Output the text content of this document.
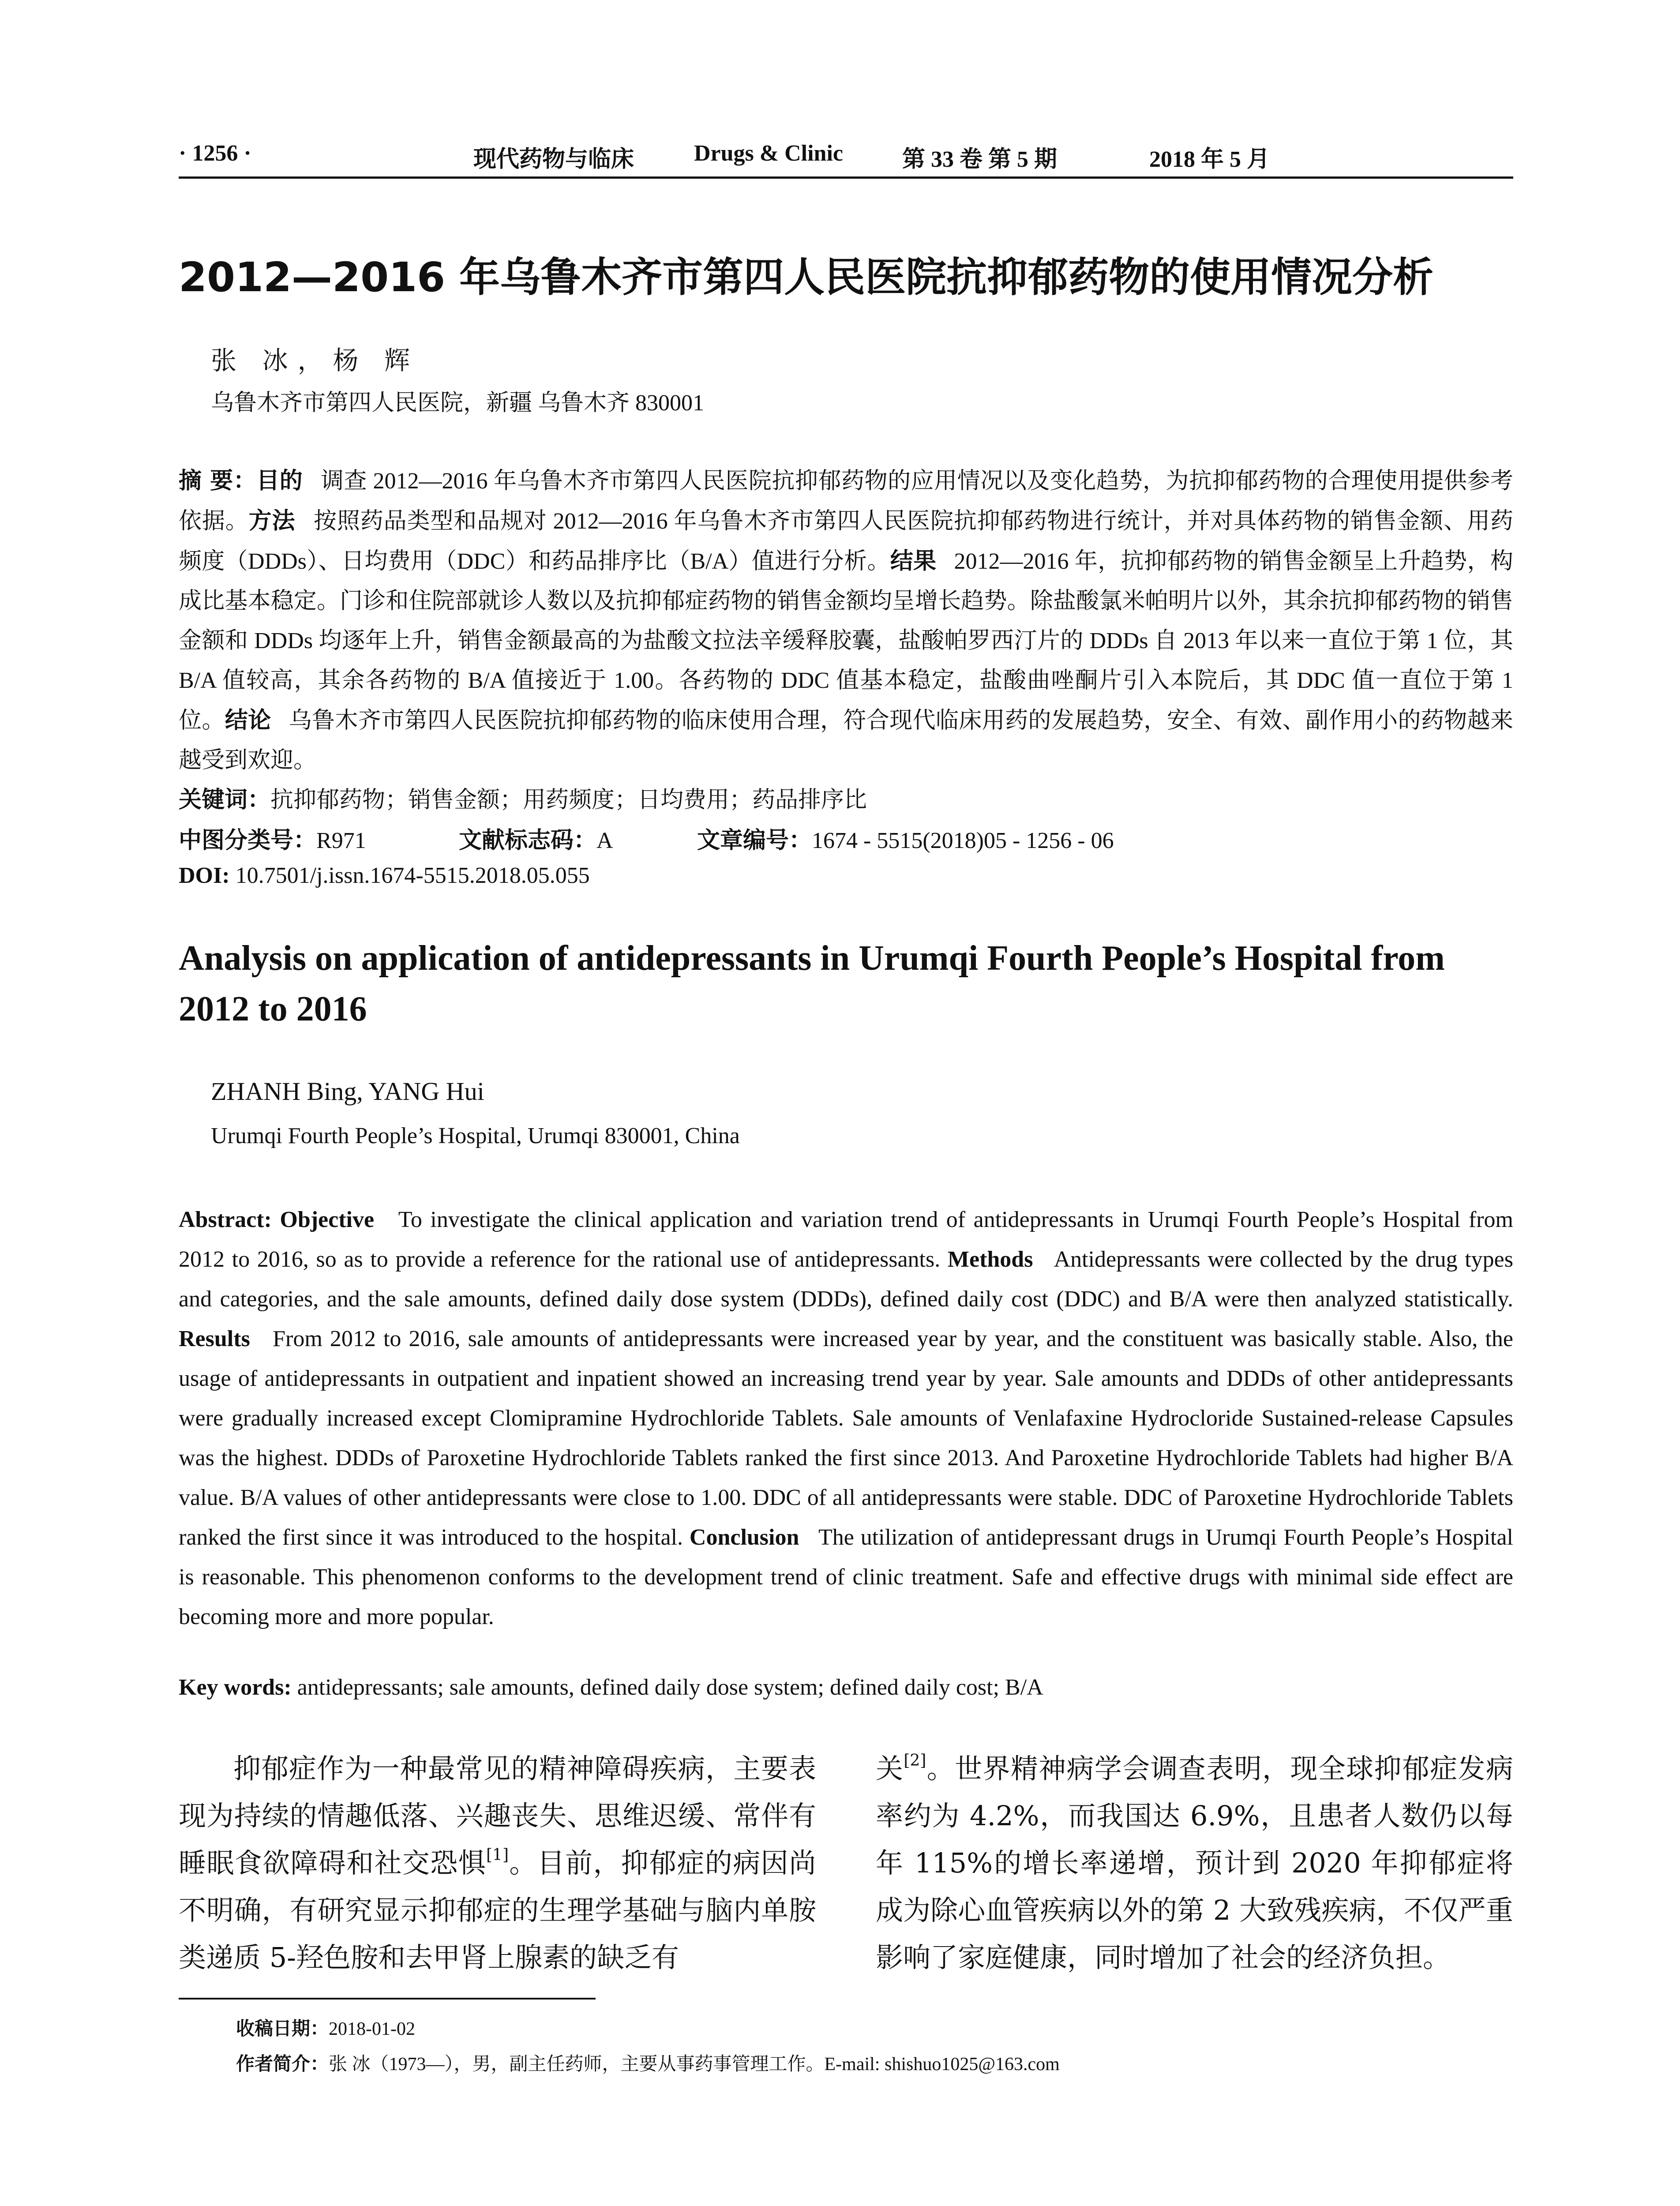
· 1256 ·	现代药物与临床	Drugs & Clinic	第 33 卷 第 5 期	2018 年 5 月
2012—2016 年乌鲁木齐市第四人民医院抗抑郁药物的使用情况分析
张 冰，杨 辉
乌鲁木齐市第四人民医院，新疆 乌鲁木齐 830001
摘 要：目的 调查 2012—2016 年乌鲁木齐市第四人民医院抗抑郁药物的应用情况以及变化趋势，为抗抑郁药物的合理使用提供参考依据。方法 按照药品类型和品规对 2012—2016 年乌鲁木齐市第四人民医院抗抑郁药物进行统计，并对具体药物的销售金额、用药频度（DDDs）、日均费用（DDC）和药品排序比（B/A）值进行分析。结果 2012—2016 年，抗抑郁药物的销售金额呈上升趋势，构成比基本稳定。门诊和住院部就诊人数以及抗抑郁症药物的销售金额均呈增长趋势。除盐酸氯米帕明片以外，其余抗抑郁药物的销售金额和 DDDs 均逐年上升，销售金额最高的为盐酸文拉法辛缓释胶囊，盐酸帕罗西汀片的 DDDs 自 2013 年以来一直位于第 1 位，其 B/A 值较高，其余各药物的 B/A 值接近于 1.00。各药物的 DDC 值基本稳定，盐酸曲唑酮片引入本院后，其 DDC 值一直位于第 1 位。结论 乌鲁木齐市第四人民医院抗抑郁药物的临床使用合理，符合现代临床用药的发展趋势，安全、有效、副作用小的药物越来越受到欢迎。
关键词：抗抑郁药物；销售金额；用药频度；日均费用；药品排序比
中图分类号：R971	文献标志码：A	文章编号：1674 - 5515(2018)05 - 1256 - 06
DOI: 10.7501/j.issn.1674-5515.2018.05.055
Analysis on application of antidepressants in Urumqi Fourth People’s Hospital from 2012 to 2016
ZHANH Bing, YANG Hui
Urumqi Fourth People’s Hospital, Urumqi 830001, China
Abstract: Objective To investigate the clinical application and variation trend of antidepressants in Urumqi Fourth People’s Hospital from 2012 to 2016, so as to provide a reference for the rational use of antidepressants. Methods Antidepressants were collected by the drug types and categories, and the sale amounts, defined daily dose system (DDDs), defined daily cost (DDC) and B/A were then analyzed statistically. Results From 2012 to 2016, sale amounts of antidepressants were increased year by year, and the constituent was basically stable. Also, the usage of antidepressants in outpatient and inpatient showed an increasing trend year by year. Sale amounts and DDDs of other antidepressants were gradually increased except Clomipramine Hydrochloride Tablets. Sale amounts of Venlafaxine Hydrocloride Sustained-release Capsules was the highest. DDDs of Paroxetine Hydrochloride Tablets ranked the first since 2013. And Paroxetine Hydrochloride Tablets had higher B/A value. B/A values of other antidepressants were close to 1.00. DDC of all antidepressants were stable. DDC of Paroxetine Hydrochloride Tablets ranked the first since it was introduced to the hospital. Conclusion The utilization of antidepressant drugs in Urumqi Fourth People’s Hospital is reasonable. This phenomenon conforms to the development trend of clinic treatment. Safe and effective drugs with minimal side effect are becoming more and more popular.
Key words: antidepressants; sale amounts, defined daily dose system; defined daily cost; B/A

抑郁症作为一种最常见的精神障碍疾病，主要表现为持续的情趣低落、兴趣丧失、思维迟缓、常伴有睡眠食欲障碍和社交恐惧[1]。目前，抑郁症的病因尚不明确，有研究显示抑郁症的生理学基础与脑内单胺类递质 5-羟色胺和去甲肾上腺素的缺乏有

关[2]。世界精神病学会调查表明，现全球抑郁症发病率约为 4.2%，而我国达 6.9%，且患者人数仍以每年 115%的增长率递增，预计到 2020 年抑郁症将成为除心血管疾病以外的第 2 大致残疾病，不仅严重影响了家庭健康，同时增加了社会的经济负担。

收稿日期：2018-01-02
作者简介：张 冰（1973—），男，副主任药师，主要从事药事管理工作。E-mail: shishuo1025@163.com
